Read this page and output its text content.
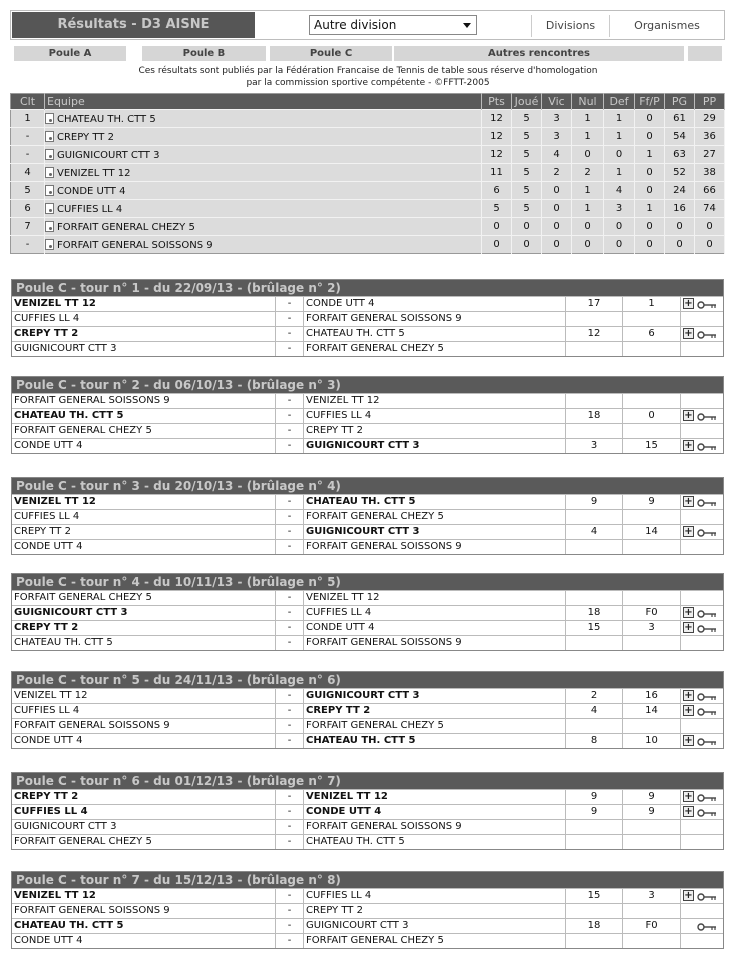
Résultats - D3 AISNE	Autre division	Divisions	Organismes
Poule A	Poule B	Poule C	Autres rencontres
Ces résultats sont publiés par la Fédération Francaise de Tennis de table sous réserve d'homologation
par la commission sportive compétente - ©FFTT-2005
Clt	Equipe	Pts	Joué	Vic	Nul	Def	Ff/P	PG	PP
1	CHATEAU TH. CTT 5	12	5	3	1	1	0	61	29
-	CREPY TT 2	12	5	3	1	1	0	54	36
-	GUIGNICOURT CTT 3	12	5	4	0	0	1	63	27
4	VENIZEL TT 12	11	5	2	2	1	0	52	38
5	CONDE UTT 4	6	5	0	1	4	0	24	66
6	CUFFIES LL 4	5	5	0	1	3	1	16	74
7	FORFAIT GENERAL CHEZY 5	0	0	0	0	0	0	0	0
-	FORFAIT GENERAL SOISSONS 9	0	0	0	0	0	0	0	0
Poule C - tour n° 1 - du 22/09/13 - (brûlage n° 2)
VENIZEL TT 12	-	CONDE UTT 4	17	1	+
CUFFIES LL 4	-	FORFAIT GENERAL SOISSONS 9
CREPY TT 2	-	CHATEAU TH. CTT 5	12	6	+
GUIGNICOURT CTT 3	-	FORFAIT GENERAL CHEZY 5
Poule C - tour n° 2 - du 06/10/13 - (brûlage n° 3)
FORFAIT GENERAL SOISSONS 9	-	VENIZEL TT 12
CHATEAU TH. CTT 5	-	CUFFIES LL 4	18	0	+
FORFAIT GENERAL CHEZY 5	-	CREPY TT 2
CONDE UTT 4	-	GUIGNICOURT CTT 3	3	15	+
Poule C - tour n° 3 - du 20/10/13 - (brûlage n° 4)
VENIZEL TT 12	-	CHATEAU TH. CTT 5	9	9	+
CUFFIES LL 4	-	FORFAIT GENERAL CHEZY 5
CREPY TT 2	-	GUIGNICOURT CTT 3	4	14	+
CONDE UTT 4	-	FORFAIT GENERAL SOISSONS 9
Poule C - tour n° 4 - du 10/11/13 - (brûlage n° 5)
FORFAIT GENERAL CHEZY 5	-	VENIZEL TT 12
GUIGNICOURT CTT 3	-	CUFFIES LL 4	18	F0	+
CREPY TT 2	-	CONDE UTT 4	15	3	+
CHATEAU TH. CTT 5	-	FORFAIT GENERAL SOISSONS 9
Poule C - tour n° 5 - du 24/11/13 - (brûlage n° 6)
VENIZEL TT 12	-	GUIGNICOURT CTT 3	2	16	+
CUFFIES LL 4	-	CREPY TT 2	4	14	+
FORFAIT GENERAL SOISSONS 9	-	FORFAIT GENERAL CHEZY 5
CONDE UTT 4	-	CHATEAU TH. CTT 5	8	10	+
Poule C - tour n° 6 - du 01/12/13 - (brûlage n° 7)
CREPY TT 2	-	VENIZEL TT 12	9	9	+
CUFFIES LL 4	-	CONDE UTT 4	9	9	+
GUIGNICOURT CTT 3	-	FORFAIT GENERAL SOISSONS 9
FORFAIT GENERAL CHEZY 5	-	CHATEAU TH. CTT 5
Poule C - tour n° 7 - du 15/12/13 - (brûlage n° 8)
VENIZEL TT 12	-	CUFFIES LL 4	15	3	+
FORFAIT GENERAL SOISSONS 9	-	CREPY TT 2
CHATEAU TH. CTT 5	-	GUIGNICOURT CTT 3	18	F0
CONDE UTT 4	-	FORFAIT GENERAL CHEZY 5
